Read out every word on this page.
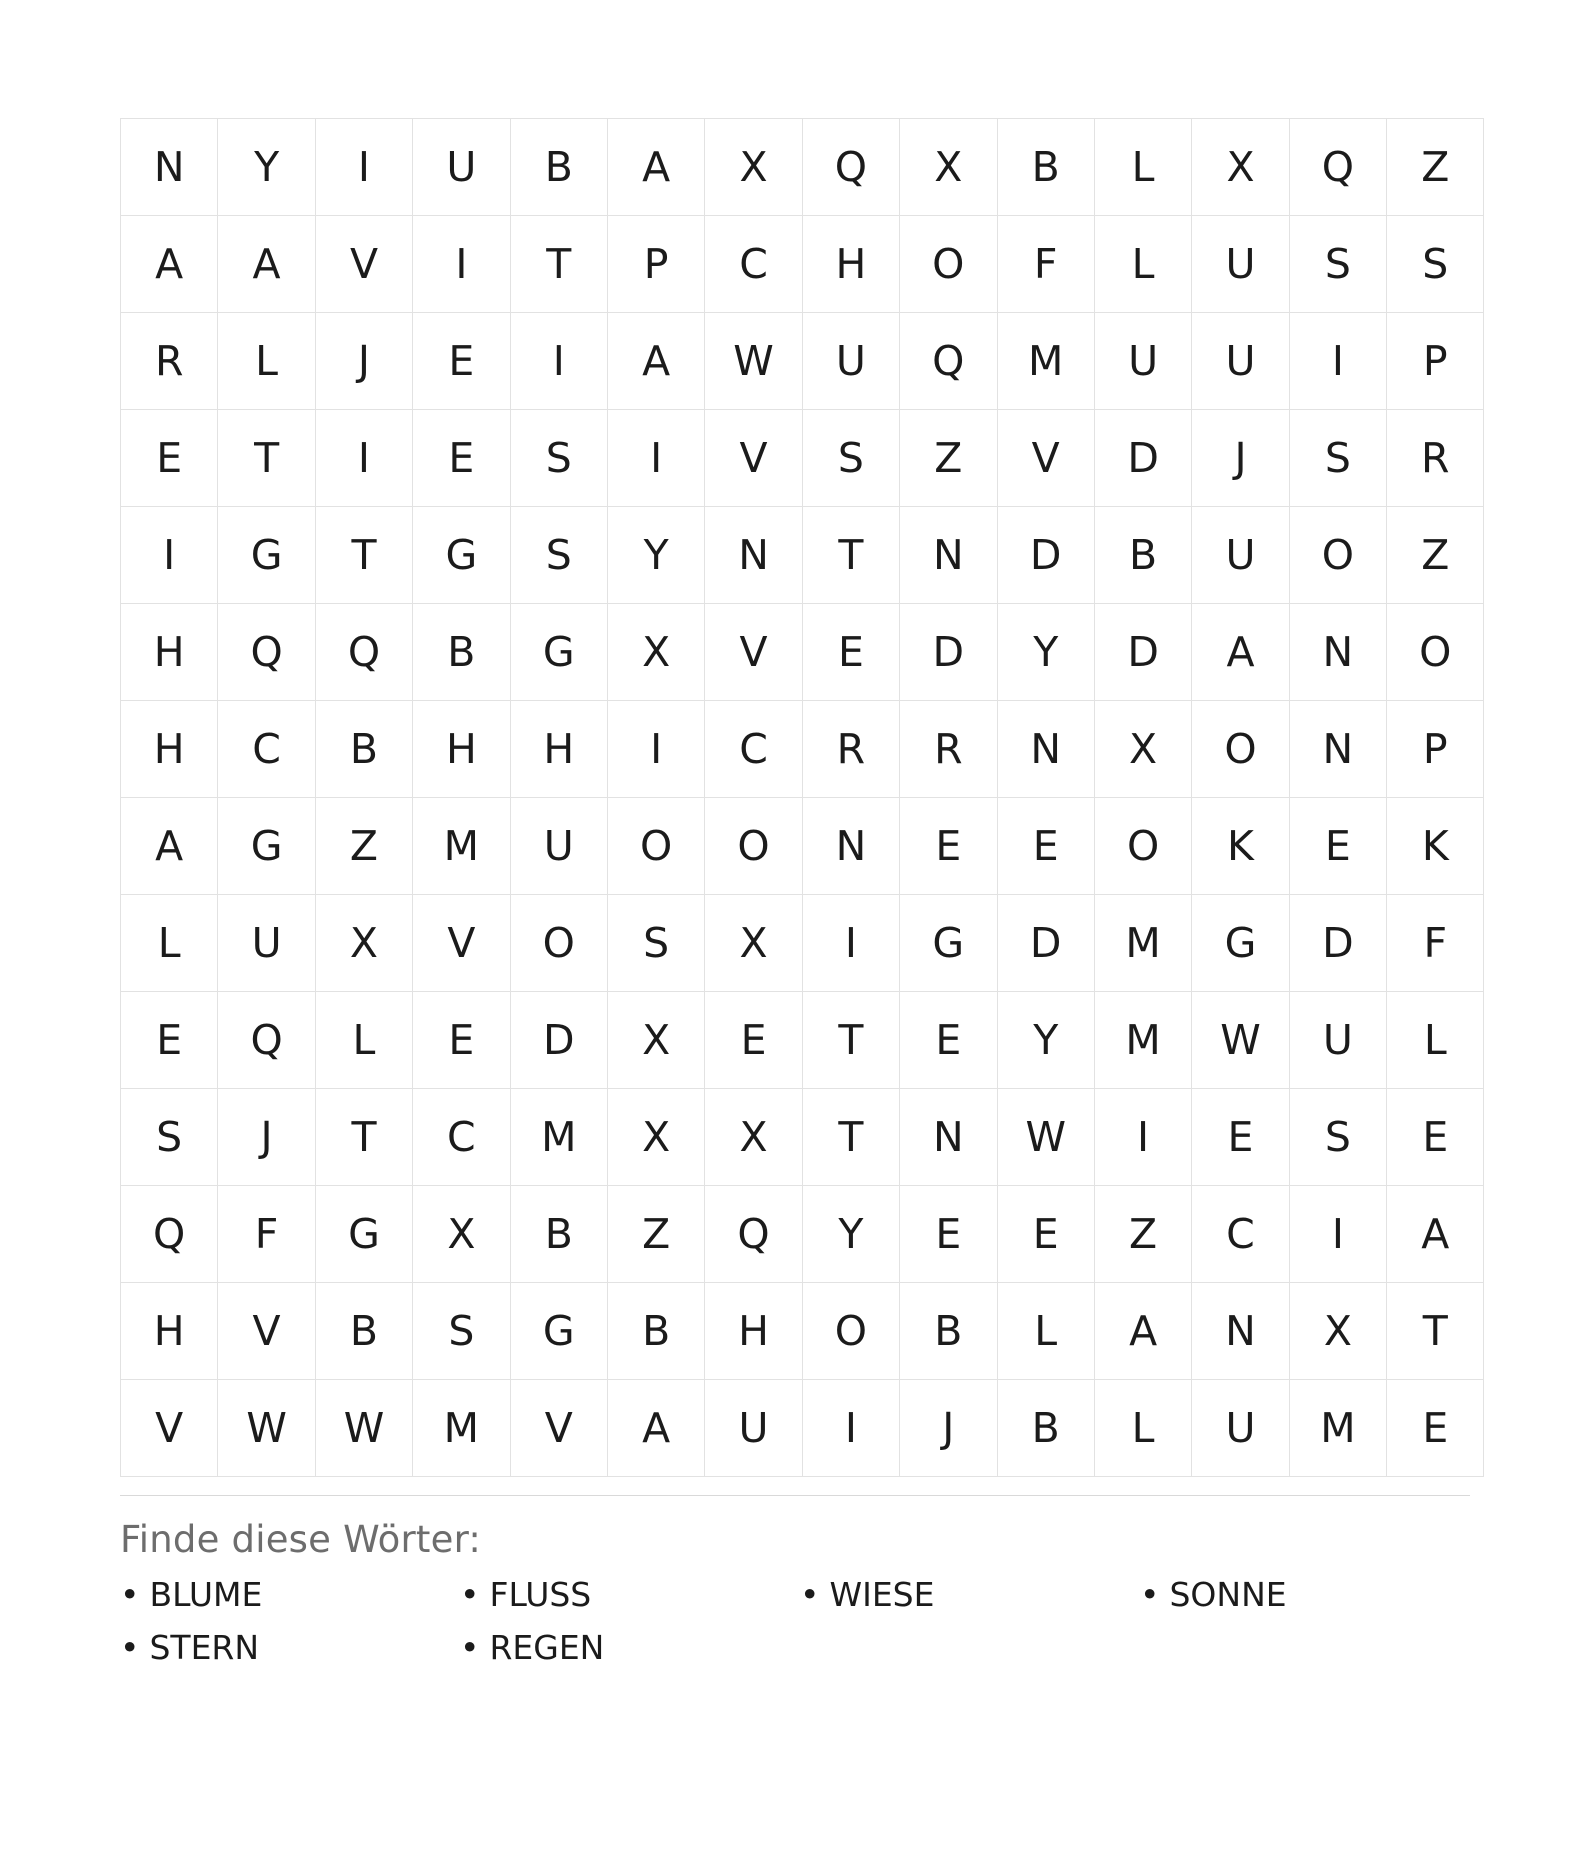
N	Y	I	U	B	A	X	Q	X	B	L	X	Q	Z
A	A	V	I	T	P	C	H	O	F	L	U	S	S
R	L	J	E	I	A	W	U	Q	M	U	U	I	P
E	T	I	E	S	I	V	S	Z	V	D	J	S	R
I	G	T	G	S	Y	N	T	N	D	B	U	O	Z
H	Q	Q	B	G	X	V	E	D	Y	D	A	N	O
H	C	B	H	H	I	C	R	R	N	X	O	N	P
A	G	Z	M	U	O	O	N	E	E	O	K	E	K
L	U	X	V	O	S	X	I	G	D	M	G	D	F
E	Q	L	E	D	X	E	T	E	Y	M	W	U	L
S	J	T	C	M	X	X	T	N	W	I	E	S	E
Q	F	G	X	B	Z	Q	Y	E	E	Z	C	I	A
H	V	B	S	G	B	H	O	B	L	A	N	X	T
V	W	W	M	V	A	U	I	J	B	L	U	M	E
Finde diese Wörter:
• BLUME	• FLUSS	• WIESE	• SONNE
• STERN	• REGEN
